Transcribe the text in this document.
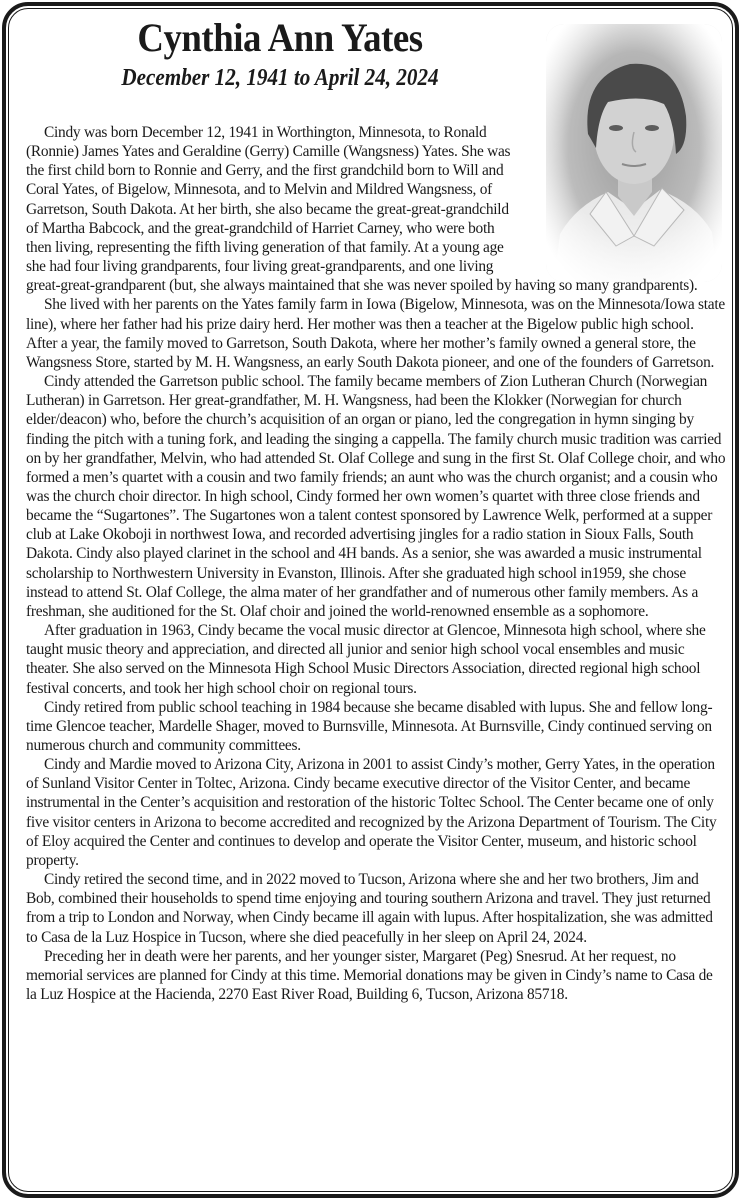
Cynthia Ann Yates
December 12, 1941 to April 24, 2024

Cindy was born December 12, 1941 in Worthington, Minnesota, to Ronald (Ronnie) James Yates and Geraldine (Gerry) Camille (Wangsness) Yates. She was the first child born to Ronnie and Gerry, and the first grandchild born to Will and Coral Yates, of Bigelow, Minnesota, and to Melvin and Mildred Wangsness, of Garretson, South Dakota. At her birth, she also became the great-great-grandchild of Martha Babcock, and the great-grandchild of Harriet Carney, who were both then living, representing the fifth living generation of that family. At a young age she had four living grandparents, four living great-grandparents, and one living great-great-grandparent (but, she always maintained that she was never spoiled by having so many grandparents).

She lived with her parents on the Yates family farm in Iowa (Bigelow, Minnesota, was on the Minnesota/Iowa state line), where her father had his prize dairy herd. Her mother was then a teacher at the Bigelow public high school. After a year, the family moved to Garretson, South Dakota, where her mother’s family owned a general store, the Wangsness Store, started by M. H. Wangsness, an early South Dakota pioneer, and one of the founders of Garretson.

Cindy attended the Garretson public school. The family became members of Zion Lutheran Church (Norwegian Lutheran) in Garretson. Her great-grandfather, M. H. Wangsness, had been the Klokker (Norwegian for church elder/deacon) who, before the church’s acquisition of an organ or piano, led the congregation in hymn singing by finding the pitch with a tuning fork, and leading the singing a cappella. The family church music tradition was carried on by her grandfather, Melvin, who had attended St. Olaf College and sung in the first St. Olaf College choir, and who formed a men’s quartet with a cousin and two family friends; an aunt who was the church organist; and a cousin who was the church choir director. In high school, Cindy formed her own women’s quartet with three close friends and became the “Sugartones”. The Sugartones won a talent contest sponsored by Lawrence Welk, performed at a supper club at Lake Okoboji in northwest Iowa, and recorded advertising jingles for a radio station in Sioux Falls, South Dakota. Cindy also played clarinet in the school and 4H bands. As a senior, she was awarded a music instrumental scholarship to Northwestern University in Evanston, Illinois. After she graduated high school in1959, she chose instead to attend St. Olaf College, the alma mater of her grandfather and of numerous other family members. As a freshman, she auditioned for the St. Olaf choir and joined the world-renowned ensemble as a sophomore.

After graduation in 1963, Cindy became the vocal music director at Glencoe, Minnesota high school, where she taught music theory and appreciation, and directed all junior and senior high school vocal ensembles and music theater. She also served on the Minnesota High School Music Directors Association, directed regional high school festival concerts, and took her high school choir on regional tours.

Cindy retired from public school teaching in 1984 because she became disabled with lupus. She and fellow long-time Glencoe teacher, Mardelle Shager, moved to Burnsville, Minnesota. At Burnsville, Cindy continued serving on numerous church and community committees.

Cindy and Mardie moved to Arizona City, Arizona in 2001 to assist Cindy’s mother, Gerry Yates, in the operation of Sunland Visitor Center in Toltec, Arizona. Cindy became executive director of the Visitor Center, and became instrumental in the Center’s acquisition and restoration of the historic Toltec School. The Center became one of only five visitor centers in Arizona to become accredited and recognized by the Arizona Department of Tourism. The City of Eloy acquired the Center and continues to develop and operate the Visitor Center, museum, and historic school property.

Cindy retired the second time, and in 2022 moved to Tucson, Arizona where she and her two brothers, Jim and Bob, combined their households to spend time enjoying and touring southern Arizona and travel. They just returned from a trip to London and Norway, when Cindy became ill again with lupus. After hospitalization, she was admitted to Casa de la Luz Hospice in Tucson, where she died peacefully in her sleep on April 24, 2024.

Preceding her in death were her parents, and her younger sister, Margaret (Peg) Snesrud. At her request, no memorial services are planned for Cindy at this time. Memorial donations may be given in Cindy’s name to Casa de la Luz Hospice at the Hacienda, 2270 East River Road, Building 6, Tucson, Arizona 85718.
